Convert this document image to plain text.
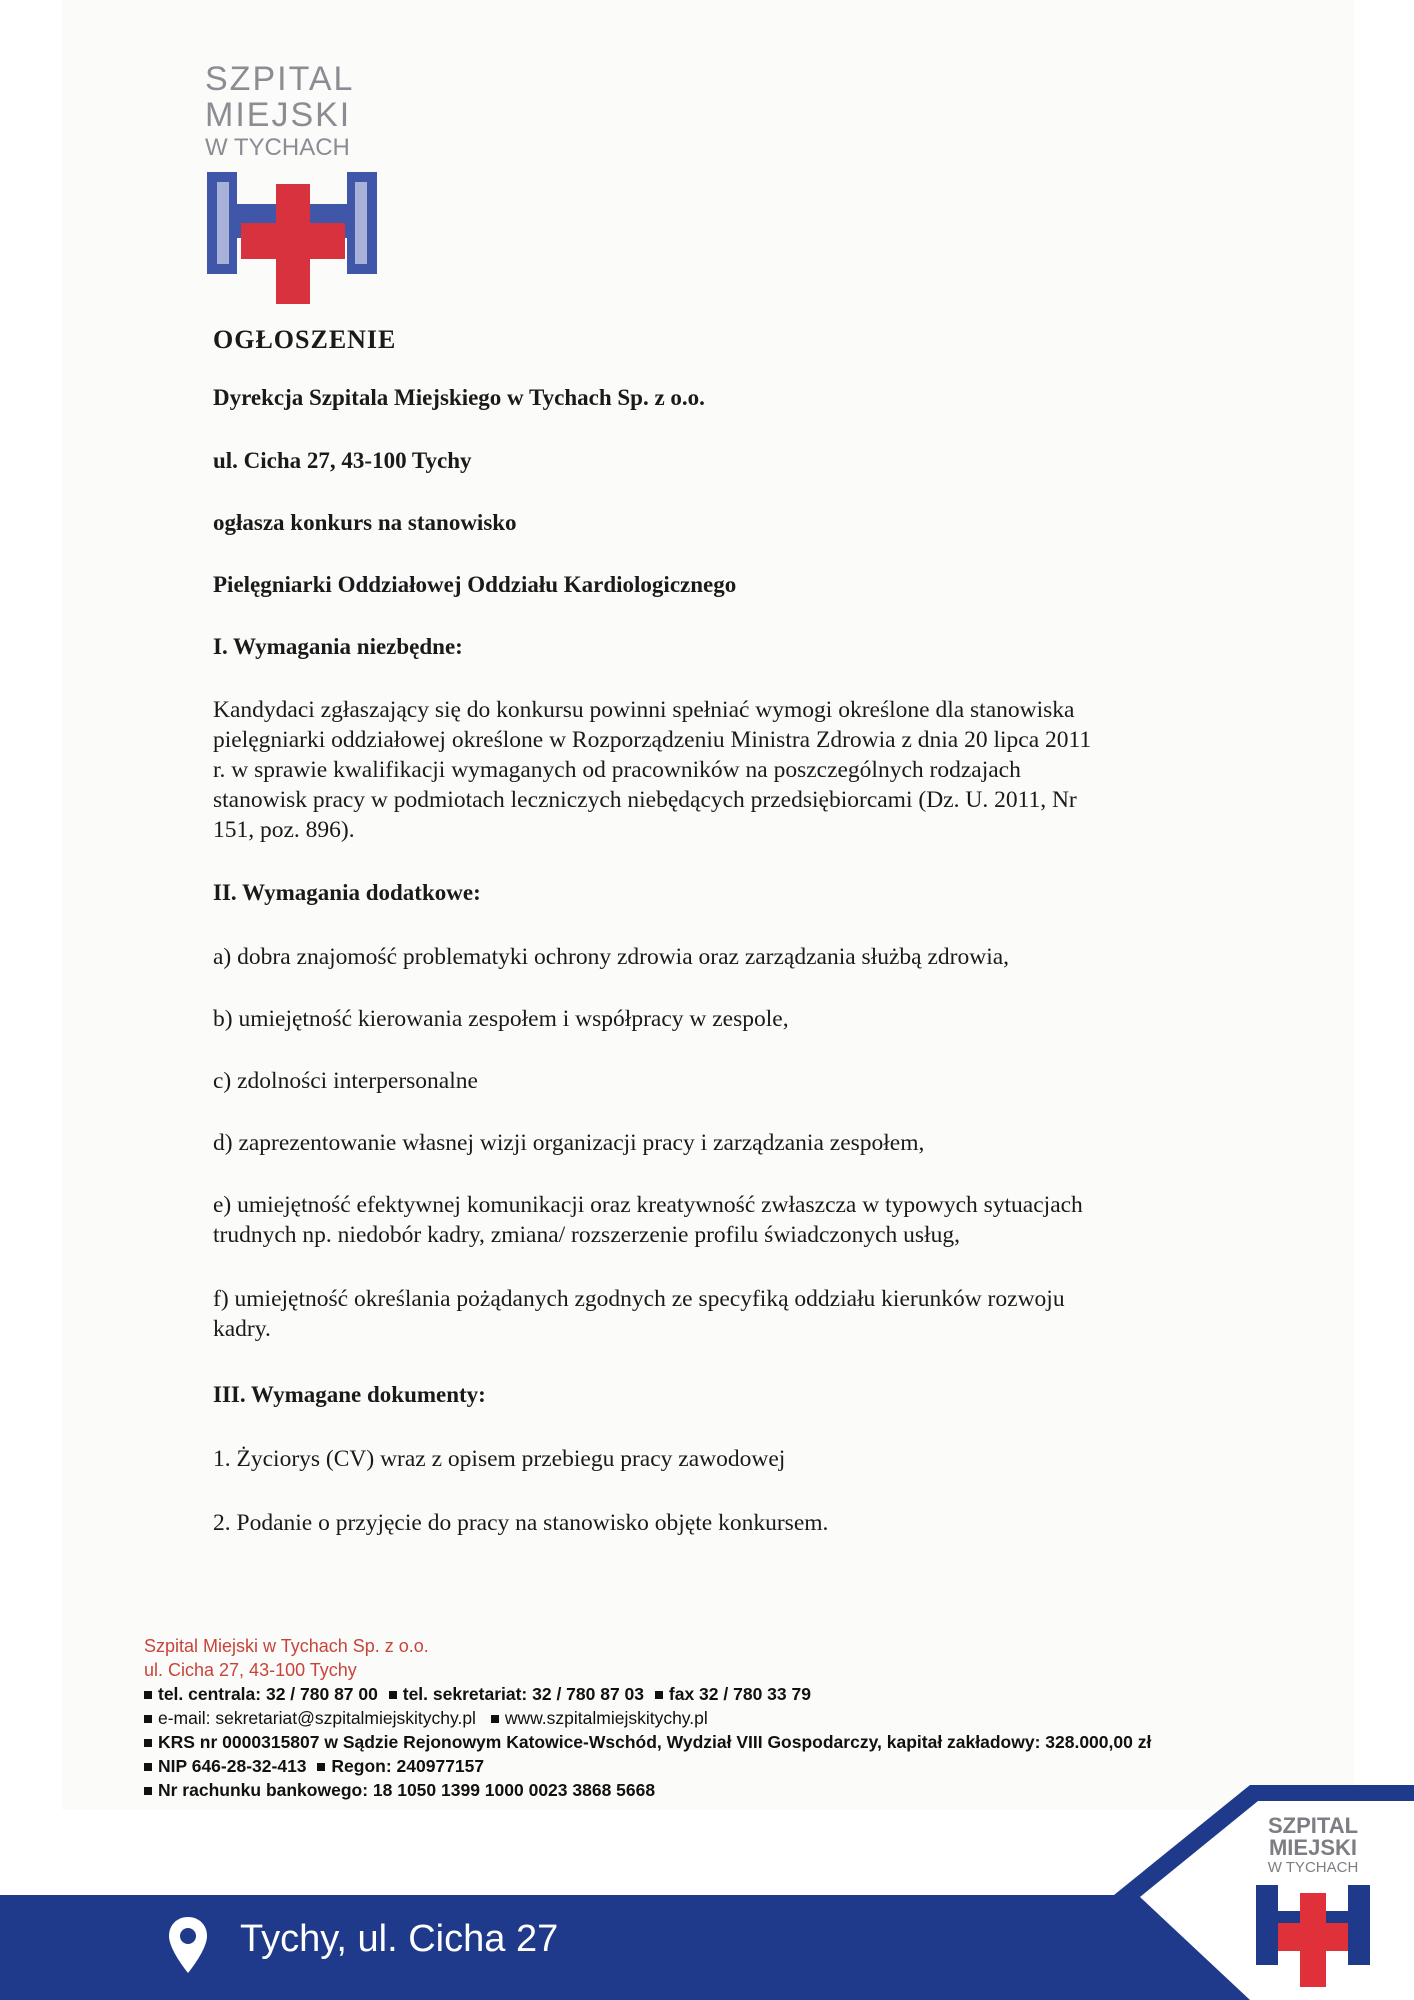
SZPITAL
MIEJSKI
W TYCHACH
OGŁOSZENIE
Dyrekcja Szpitala Miejskiego w Tychach Sp. z o.o.
ul. Cicha 27, 43-100 Tychy
ogłasza konkurs na stanowisko
Pielęgniarki Oddziałowej Oddziału Kardiologicznego
I. Wymagania niezbędne:
Kandydaci zgłaszający się do konkursu powinni spełniać wymogi określone dla stanowiska
pielęgniarki oddziałowej określone w Rozporządzeniu Ministra Zdrowia z dnia 20 lipca 2011
r. w sprawie kwalifikacji wymaganych od pracowników na poszczególnych rodzajach
stanowisk pracy w podmiotach leczniczych niebędących przedsiębiorcami (Dz. U. 2011, Nr
151, poz. 896).
II. Wymagania dodatkowe:
a) dobra znajomość problematyki ochrony zdrowia oraz zarządzania służbą zdrowia,
b) umiejętność kierowania zespołem i współpracy w zespole,
c) zdolności interpersonalne
d) zaprezentowanie własnej wizji organizacji pracy i zarządzania zespołem,
e) umiejętność efektywnej komunikacji oraz kreatywność zwłaszcza w typowych sytuacjach
trudnych np. niedobór kadry, zmiana/ rozszerzenie profilu świadczonych usług,
f) umiejętność określania pożądanych zgodnych ze specyfiką oddziału kierunków rozwoju
kadry.
III. Wymagane dokumenty:
1. Życiorys (CV) wraz z opisem przebiegu pracy zawodowej
2. Podanie o przyjęcie do pracy na stanowisko objęte konkursem.
Szpital Miejski w Tychach Sp. z o.o.
ul. Cicha 27, 43-100 Tychy
tel. centrala: 32 / 780 87 00 tel. sekretariat: 32 / 780 87 03 fax 32 / 780 33 79
e-mail: sekretariat@szpitalmiejskitychy.pl www.szpitalmiejskitychy.pl
KRS nr 0000315807 w Sądzie Rejonowym Katowice-Wschód, Wydział VIII Gospodarczy, kapitał zakładowy: 328.000,00 zł
NIP 646-28-32-413 Regon: 240977157
Nr rachunku bankowego: 18 1050 1399 1000 0023 3868 5668
Tychy, ul. Cicha 27
SZPITAL
MIEJSKI
W TYCHACH
